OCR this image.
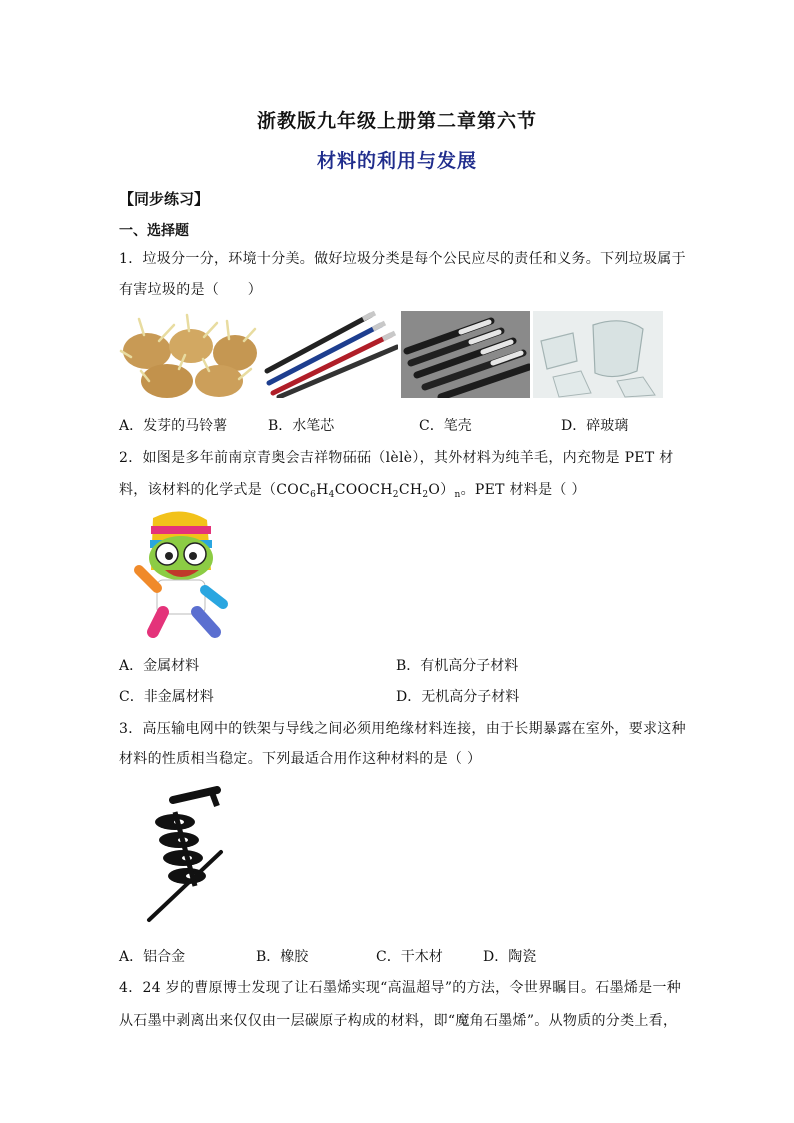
浙教版九年级上册第二章第六节
材料的利用与发展
【同步练习】
一、选择题
1．垃圾分一分，环境十分美。做好垃圾分类是每个公民应尽的责任和义务。下列垃圾属于
有害垃圾的是（　　）
A．发芽的马铃薯	B．水笔芯	C．笔壳	D．碎玻璃
2．如图是多年前南京青奥会吉祥物砳砳（lèlè），其外材料为纯羊毛，内充物是 PET 材
料，该材料的化学式是$(COC_6H_4COOCH_2CH_2O)_n$。PET 材料是（ ）
A．金属材料	B．有机高分子材料
C．非金属材料	D．无机高分子材料
3．高压输电网中的铁架与导线之间必须用绝缘材料连接，由于长期暴露在室外，要求这种
材料的性质相当稳定。下列最适合用作这种材料的是（ ）
A．铝合金	B．橡胶	C．干木材	D．陶瓷
4．24 岁的曹原博士发现了让石墨烯实现“高温超导”的方法，令世界瞩目。石墨烯是一种
从石墨中剥离出来仅仅由一层碳原子构成的材料，即“魔角石墨烯”。从物质的分类上看，
